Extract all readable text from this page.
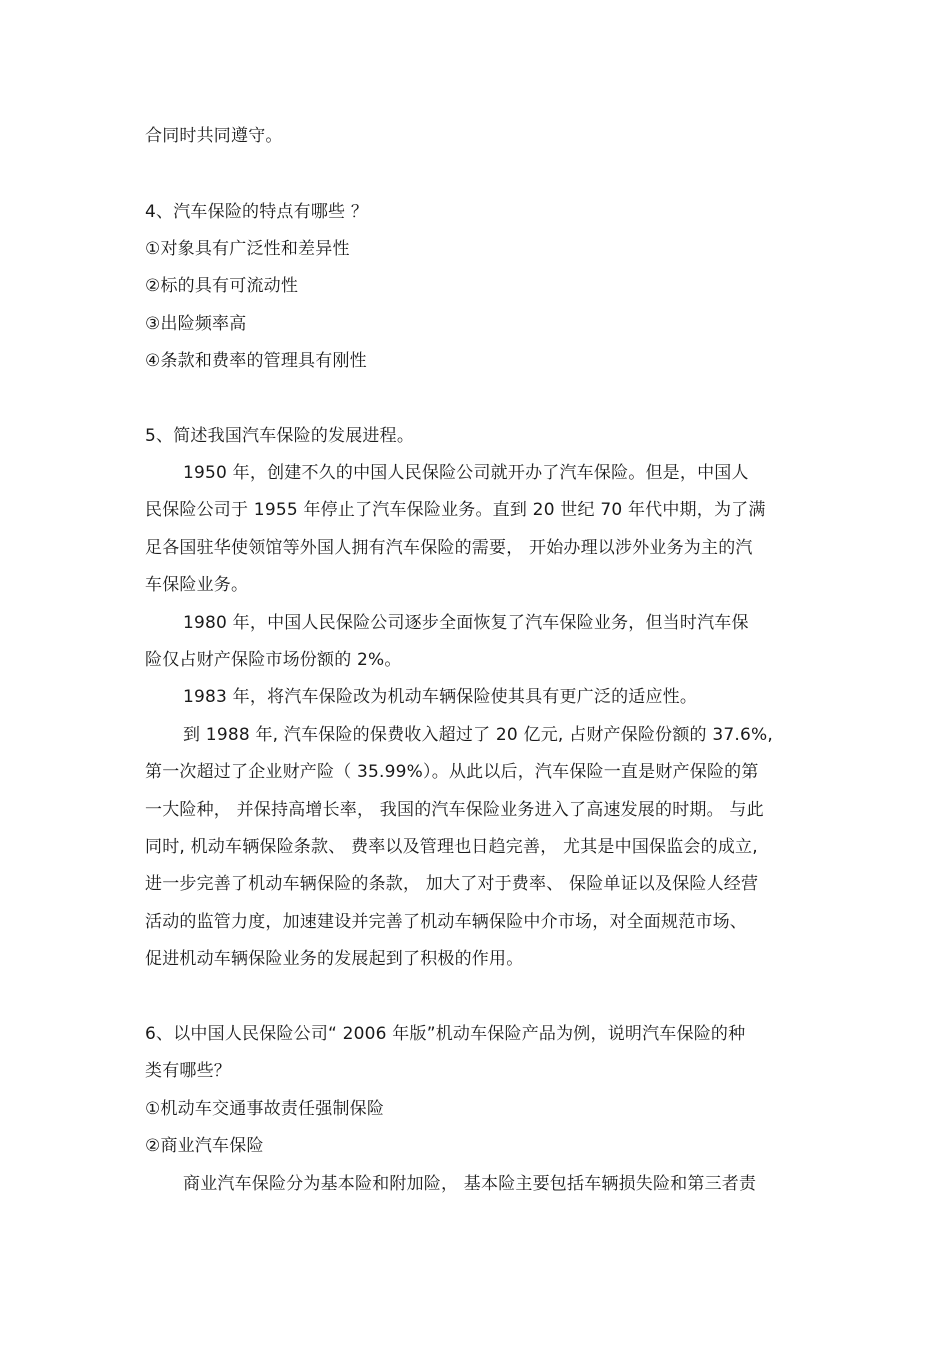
合同时共同遵守。
4、汽车保险的特点有哪些 ？
①对象具有广泛性和差异性
②标的具有可流动性
③出险频率高
④条款和费率的管理具有刚性
5、简述我国汽车保险的发展进程。
1950 年，创建不久的中国人民保险公司就开办了汽车保险。但是，中国人
民保险公司于 1955 年停止了汽车保险业务。直到 20 世纪 70 年代中期，为了满
足各国驻华使领馆等外国人拥有汽车保险的需要， 开始办理以涉外业务为主的汽
车保险业务。
1980 年，中国人民保险公司逐步全面恢复了汽车保险业务，但当时汽车保
险仅占财产保险市场份额的 2%。
1983 年，将汽车保险改为机动车辆保险使其具有更广泛的适应性。
到 1988 年, 汽车保险的保费收入超过了 20 亿元, 占财产保险份额的 37.6%,
第一次超过了企业财产险（ 35.99%）。从此以后，汽车保险一直是财产保险的第
一大险种， 并保持高增长率， 我国的汽车保险业务进入了高速发展的时期。 与此
同时, 机动车辆保险条款、 费率以及管理也日趋完善， 尤其是中国保监会的成立,
进一步完善了机动车辆保险的条款， 加大了对于费率、 保险单证以及保险人经营
活动的监管力度，加速建设并完善了机动车辆保险中介市场，对全面规范市场、
促进机动车辆保险业务的发展起到了积极的作用。
6、以中国人民保险公司“ 2006 年版”机动车保险产品为例，说明汽车保险的种
类有哪些？
①机动车交通事故责任强制保险
②商业汽车保险
商业汽车保险分为基本险和附加险， 基本险主要包括车辆损失险和第三者责
